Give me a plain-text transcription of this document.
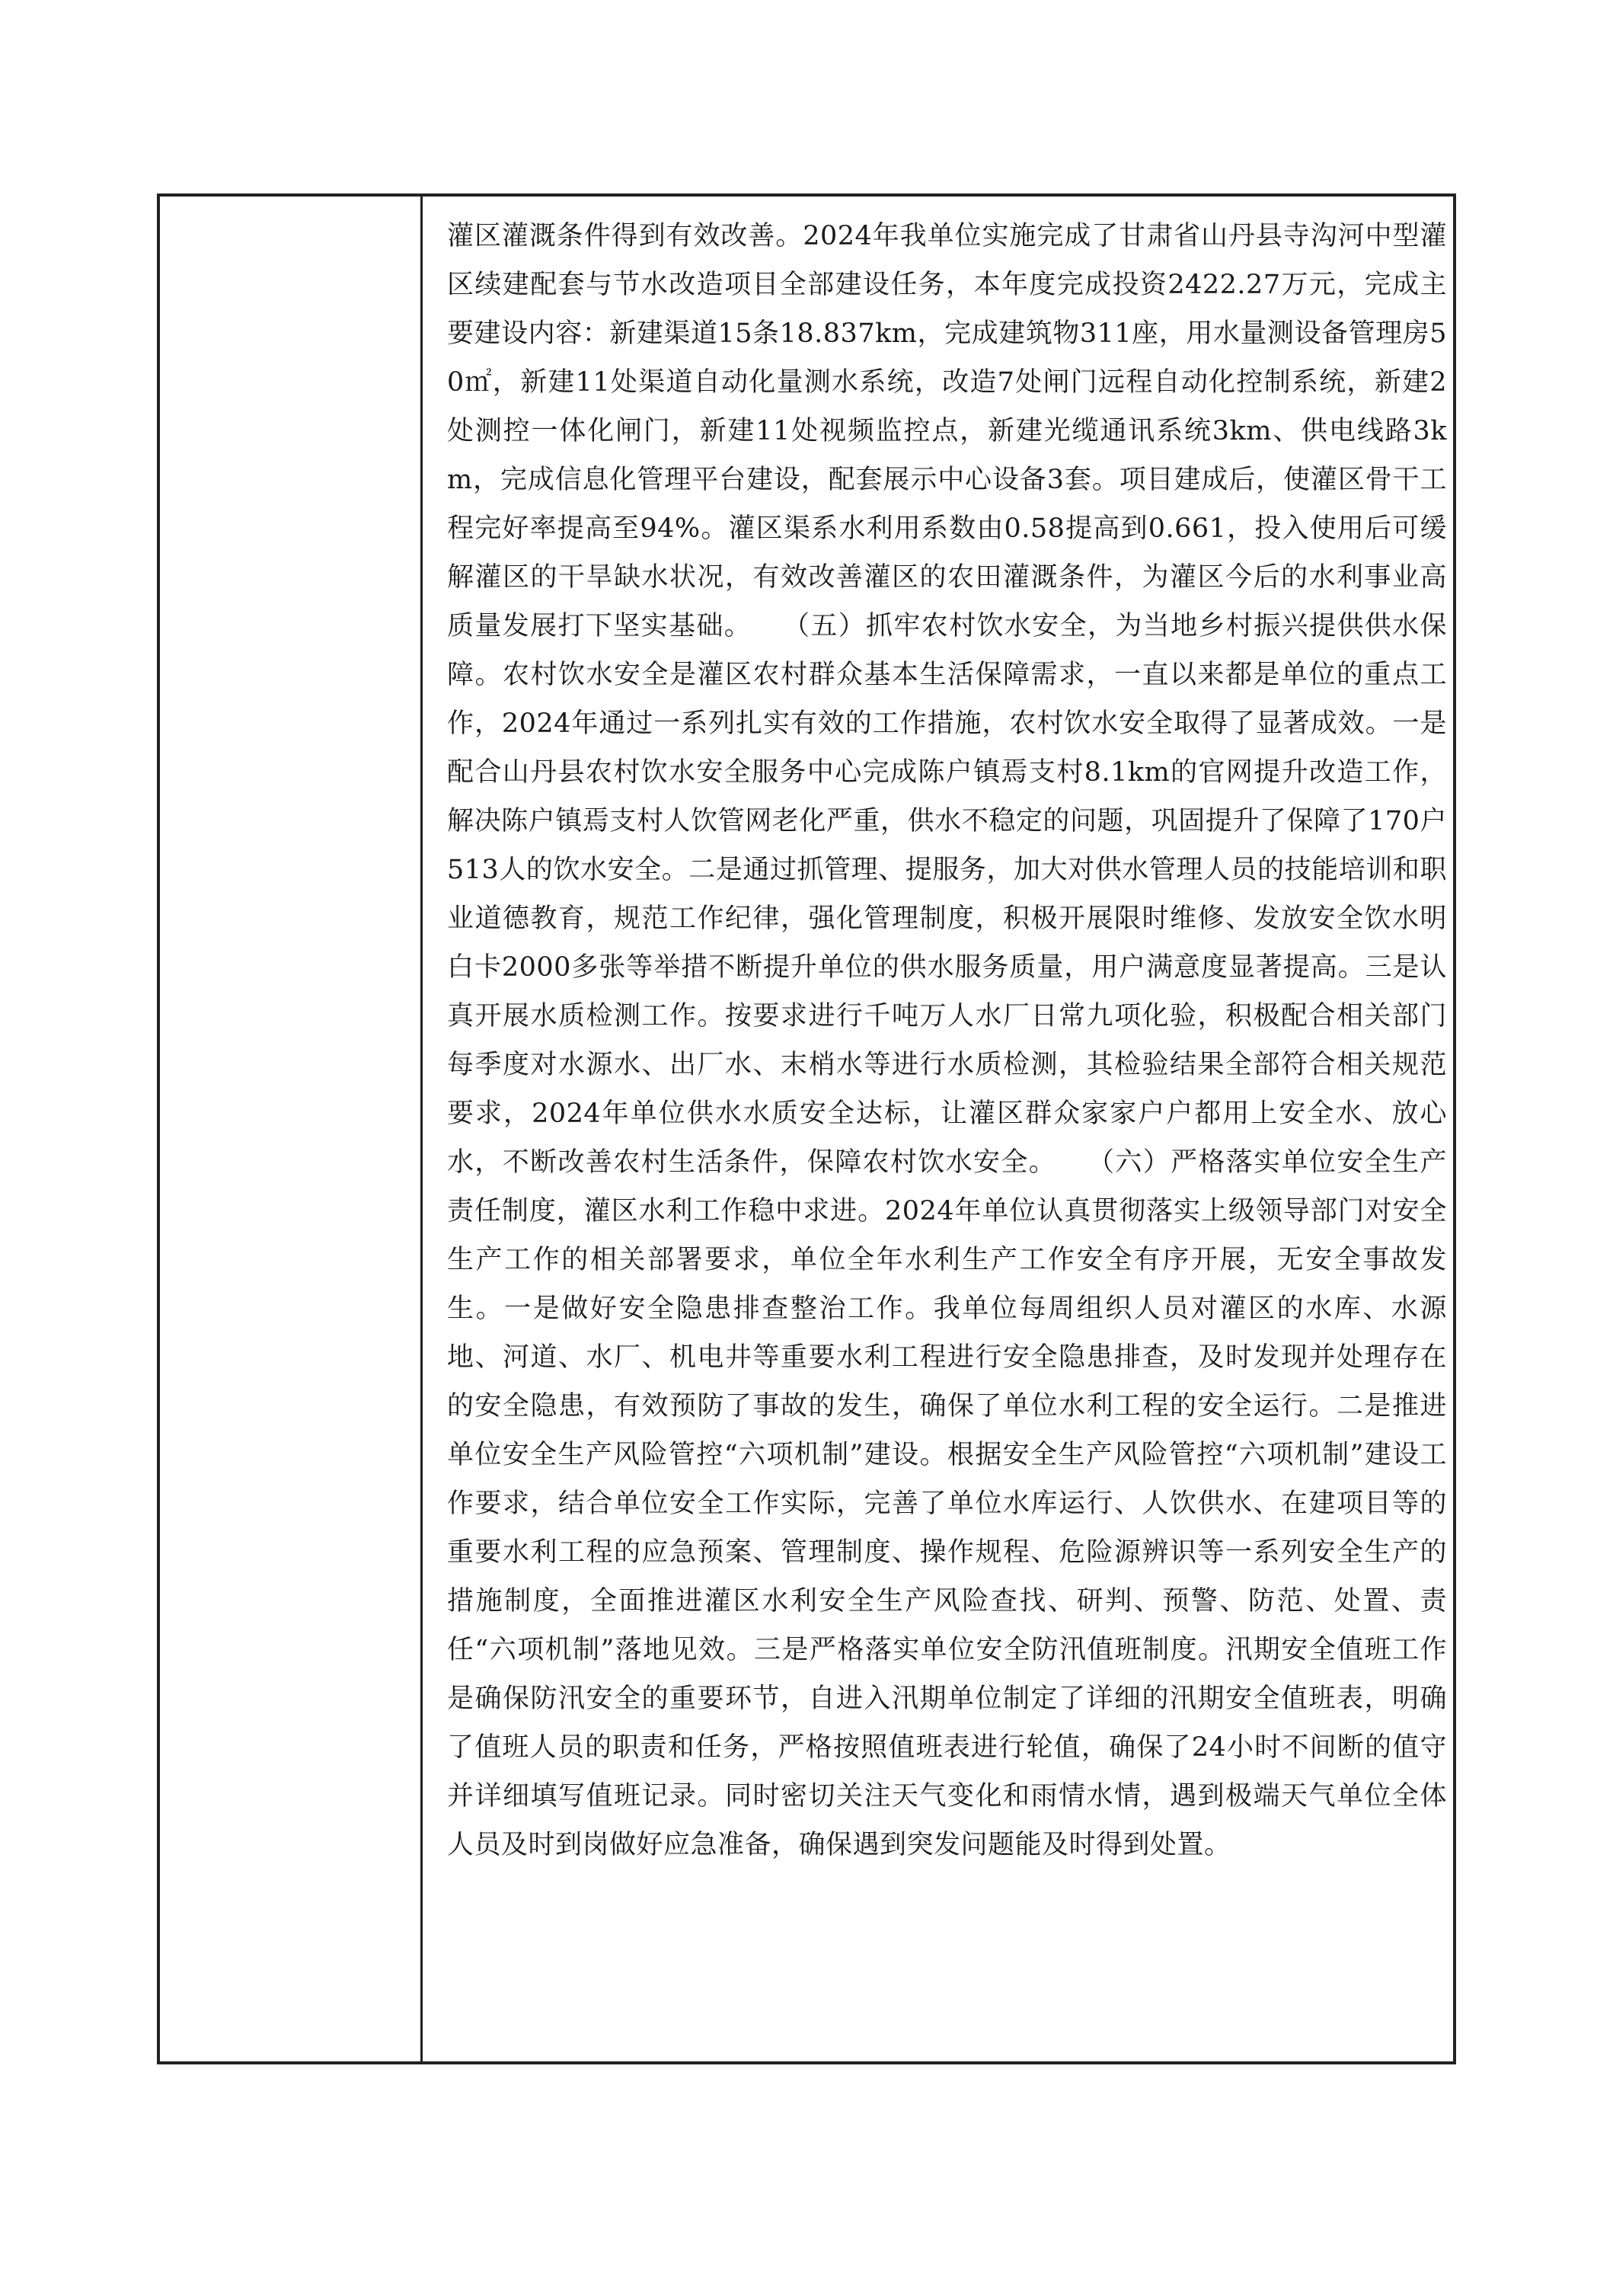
灌区灌溉条件得到有效改善。2024年我单位实施完成了甘肃省山丹县寺沟河中型灌区续建配套与节水改造项目全部建设任务，本年度完成投资2422.27万元，完成主要建设内容：新建渠道15条18.837km，完成建筑物311座，用水量测设备管理房50㎡，新建11处渠道自动化量测水系统，改造7处闸门远程自动化控制系统，新建2处测控一体化闸门，新建11处视频监控点，新建光缆通讯系统3km、供电线路3km，完成信息化管理平台建设，配套展示中心设备3套。项目建成后，使灌区骨干工程完好率提高至94%。灌区渠系水利用系数由0.58提高到0.661，投入使用后可缓解灌区的干旱缺水状况，有效改善灌区的农田灌溉条件，为灌区今后的水利事业高质量发展打下坚实基础。 （五）抓牢农村饮水安全，为当地乡村振兴提供供水保障。农村饮水安全是灌区农村群众基本生活保障需求，一直以来都是单位的重点工作，2024年通过一系列扎实有效的工作措施，农村饮水安全取得了显著成效。一是配合山丹县农村饮水安全服务中心完成陈户镇焉支村8.1km的官网提升改造工作，解决陈户镇焉支村人饮管网老化严重，供水不稳定的问题，巩固提升了保障了170户513人的饮水安全。二是通过抓管理、提服务，加大对供水管理人员的技能培训和职业道德教育，规范工作纪律，强化管理制度，积极开展限时维修、发放安全饮水明白卡2000多张等举措不断提升单位的供水服务质量，用户满意度显著提高。三是认真开展水质检测工作。按要求进行千吨万人水厂日常九项化验，积极配合相关部门每季度对水源水、出厂水、末梢水等进行水质检测，其检验结果全部符合相关规范要求，2024年单位供水水质安全达标，让灌区群众家家户户都用上安全水、放心水，不断改善农村生活条件，保障农村饮水安全。 （六）严格落实单位安全生产责任制度，灌区水利工作稳中求进。2024年单位认真贯彻落实上级领导部门对安全生产工作的相关部署要求，单位全年水利生产工作安全有序开展，无安全事故发生。一是做好安全隐患排查整治工作。我单位每周组织人员对灌区的水库、水源地、河道、水厂、机电井等重要水利工程进行安全隐患排查，及时发现并处理存在的安全隐患，有效预防了事故的发生，确保了单位水利工程的安全运行。二是推进单位安全生产风险管控“六项机制”建设。根据安全生产风险管控“六项机制”建设工作要求，结合单位安全工作实际，完善了单位水库运行、人饮供水、在建项目等的重要水利工程的应急预案、管理制度、操作规程、危险源辨识等一系列安全生产的措施制度，全面推进灌区水利安全生产风险查找、研判、预警、防范、处置、责任“六项机制”落地见效。三是严格落实单位安全防汛值班制度。汛期安全值班工作是确保防汛安全的重要环节，自进入汛期单位制定了详细的汛期安全值班表，明确了值班人员的职责和任务，严格按照值班表进行轮值，确保了24小时不间断的值守并详细填写值班记录。同时密切关注天气变化和雨情水情，遇到极端天气单位全体人员及时到岗做好应急准备，确保遇到突发问题能及时得到处置。
